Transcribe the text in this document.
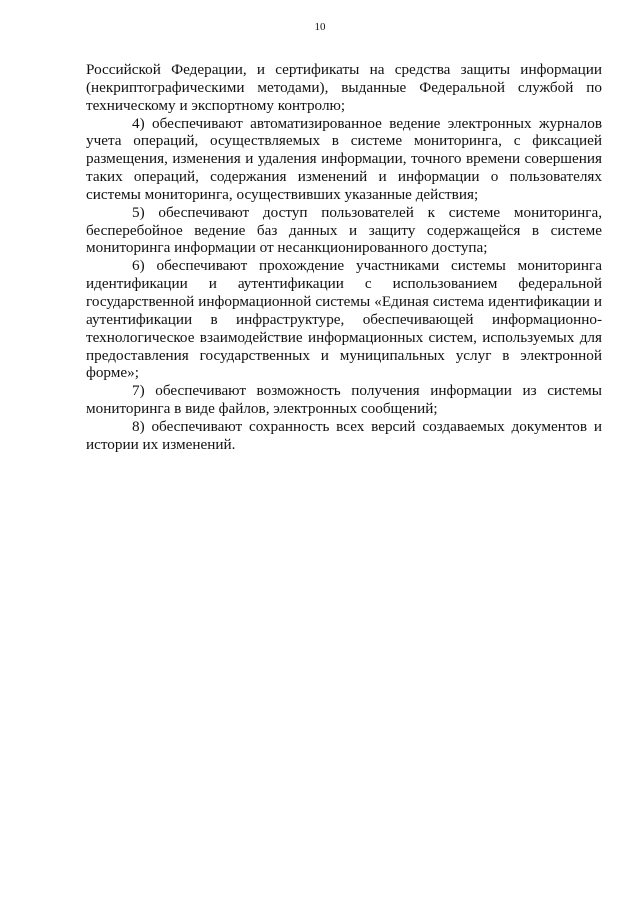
10

Российской Федерации, и сертификаты на средства защиты информации (некриптографическими методами), выданные Федеральной службой по техническому и экспортному контролю;

4) обеспечивают автоматизированное ведение электронных журналов учета операций, осуществляемых в системе мониторинга, с фиксацией размещения, изменения и удаления информации, точного времени совершения таких операций, содержания изменений и информации о пользователях системы мониторинга, осуществивших указанные действия;

5) обеспечивают доступ пользователей к системе мониторинга, бесперебойное ведение баз данных и защиту содержащейся в системе мониторинга информации от несанкционированного доступа;

6) обеспечивают прохождение участниками системы мониторинга идентификации и аутентификации с использованием федеральной государственной информационной системы «Единая система идентификации и аутентификации в инфраструктуре, обеспечивающей информационно-технологическое взаимодействие информационных систем, используемых для предоставления государственных и муниципальных услуг в электронной форме»;

7) обеспечивают возможность получения информации из системы мониторинга в виде файлов, электронных сообщений;

8) обеспечивают сохранность всех версий создаваемых документов и истории их изменений.
